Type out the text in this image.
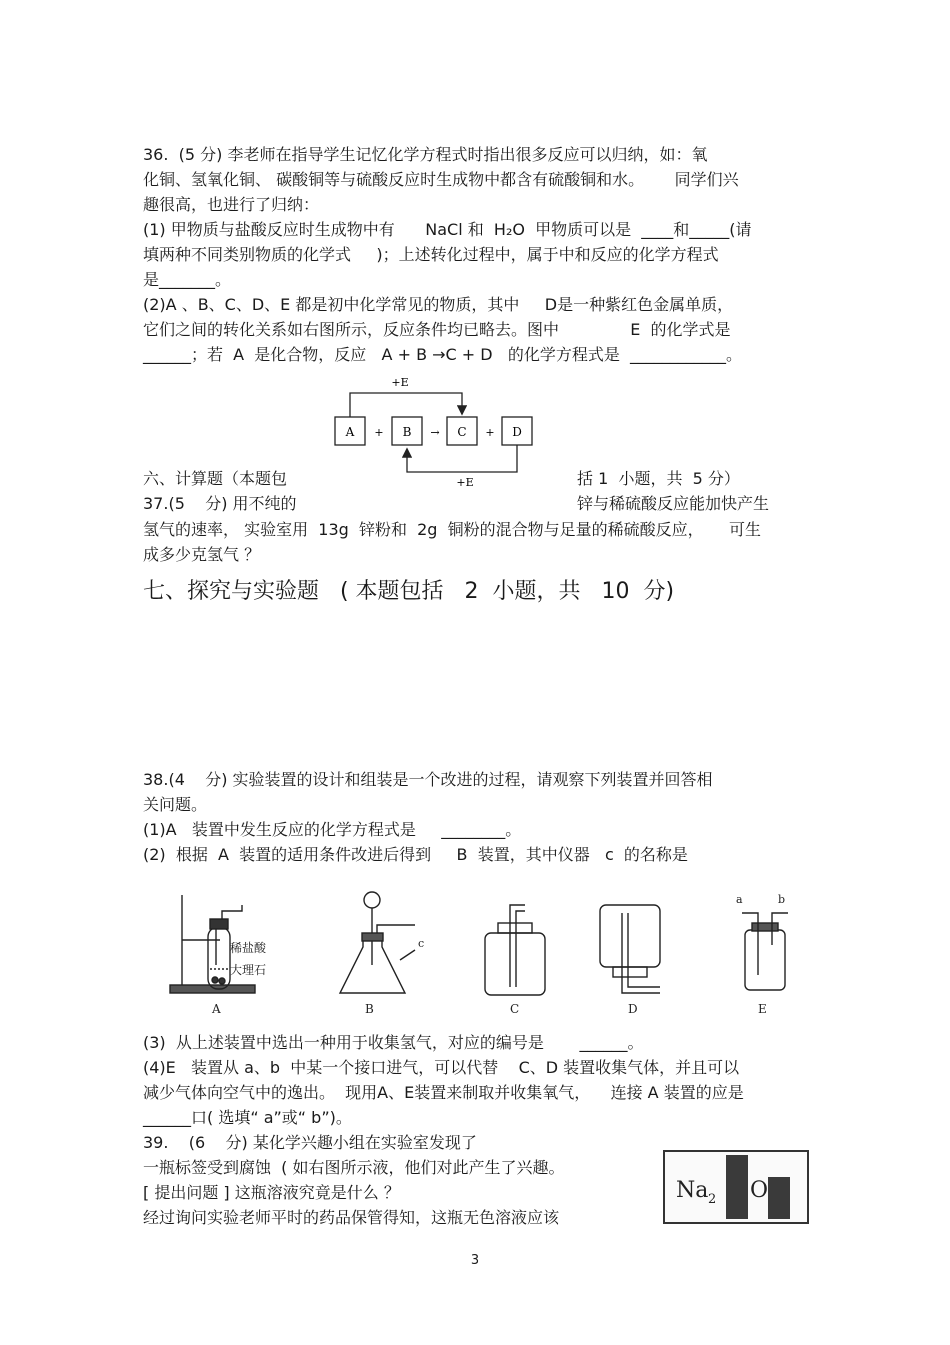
36.  (5 分) 李老师在指导学生记忆化学方程式时指出很多反应可以归纳，如：氧
化铜、氢氧化铜、 碳酸铜等与硫酸反应时生成物中都含有硫酸铜和水。      同学们兴
趣很高，也进行了归纳：
(1) 甲物质与盐酸反应时生成物中有      NaCl 和  H₂O  甲物质可以是  ____和_____(请
填两种不同类别物质的化学式     )；上述转化过程中，属于中和反应的化学方程式
是_______。
(2)A 、B、C、D、E 都是初中化学常见的物质，其中     D是一种紫红色金属单质，
它们之间的转化关系如右图所示，反应条件均已略去。图中              E  的化学式是
______；若  A  是化合物，反应   A + B →C + D   的化学方程式是  ____________。
+E
A + B → C + D
+E
六、计算题（本题包	括 1  小题，共  5 分）
37.(5    分) 用不纯的	锌与稀硫酸反应能加快产生
氢气的速率， 实验室用  13g  锌粉和  2g  铜粉的混合物与足量的稀硫酸反应，     可生
成多少克氢气 ？
七、探究与实验题   ( 本题包括   2  小题，共   10  分)
38.(4    分) 实验装置的设计和组装是一个改进的过程，请观察下列装置并回答相
关问题。
(1)A   装置中发生反应的化学方程式是     ________。
(2)  根据  A  装置的适用条件改进后得到     B  装置，其中仪器   c  的名称是
稀盐酸
大理石
A
c
B	C	D
a	b
E
(3)  从上述装置中选出一种用于收集氢气，对应的编号是       ______。
(4)E   装置从 a、b  中某一个接口进气，可以代替    C、D 装置收集气体，并且可以
减少气体向空气中的逸出。  现用A、E装置来制取并收集氧气，    连接 A 装置的应是
______口( 选填“ a”或“ b”)。
39.    (6    分) 某化学兴趣小组在实验室发现了
一瓶标签受到腐蚀  ( 如右图所示液，他们对此产生了兴趣。
[ 提出问题 ] 这瓶溶液究竟是什么 ？
经过询问实验老师平时的药品保管得知，这瓶无色溶液应该
Na 2 O
3
